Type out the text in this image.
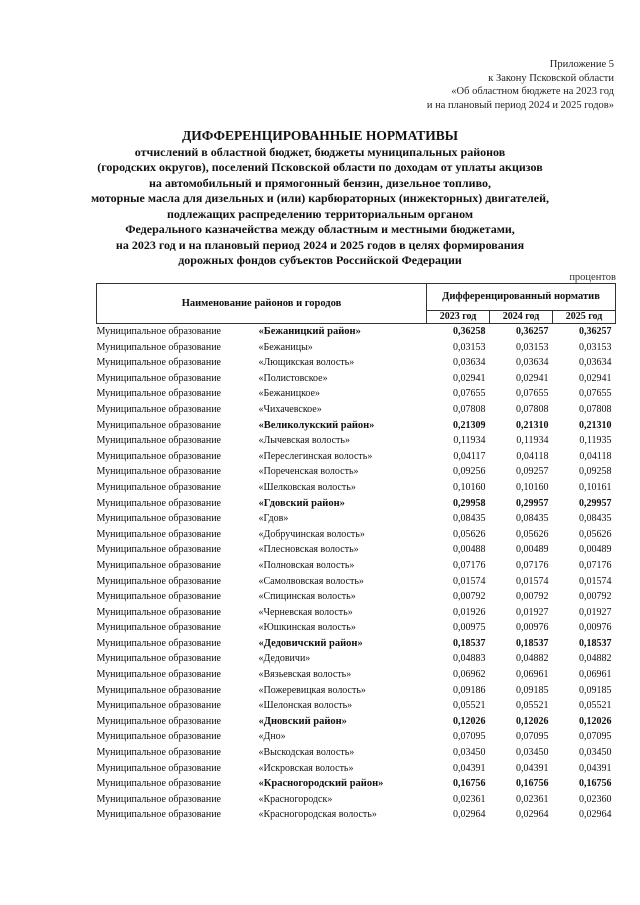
Приложение 5
к Закону Псковской области
«Об областном бюджете на 2023 год
и на плановый период 2024 и 2025 годов»
ДИФФЕРЕНЦИРОВАННЫЕ НОРМАТИВЫ
отчислений в областной бюджет, бюджеты муниципальных районов
(городских округов), поселений Псковской области по доходам от уплаты акцизов
на автомобильный и прямогонный бензин, дизельное топливо,
моторные масла для дизельных и (или) карбюраторных (инжекторных) двигателей,
подлежащих распределению территориальным органом
Федерального казначейства между областным и местными бюджетами,
на 2023 год и на плановый период 2024 и 2025 годов в целях формирования
дорожных фондов субъектов Российской Федерации
процентов
Наименование районов и городов	Дифференцированный норматив		
	2023 год	2024 год	2025 год
Муниципальное образование «Бежаницкий район»	0,36258	0,36257	0,36257
Муниципальное образование «Бежаницы»	0,03153	0,03153	0,03153
Муниципальное образование «Лющикская волость»	0,03634	0,03634	0,03634
Муниципальное образование «Полистовское»	0,02941	0,02941	0,02941
Муниципальное образование «Бежаницкое»	0,07655	0,07655	0,07655
Муниципальное образование «Чихачевское»	0,07808	0,07808	0,07808
Муниципальное образование «Великолукский район»	0,21309	0,21310	0,21310
Муниципальное образование «Лычевская волость»	0,11934	0,11934	0,11935
Муниципальное образование «Переслегинская волость»	0,04117	0,04118	0,04118
Муниципальное образование «Пореченская волость»	0,09256	0,09257	0,09258
Муниципальное образование «Шелковская волость»	0,10160	0,10160	0,10161
Муниципальное образование «Гдовский район»	0,29958	0,29957	0,29957
Муниципальное образование «Гдов»	0,08435	0,08435	0,08435
Муниципальное образование «Добручинская волость»	0,05626	0,05626	0,05626
Муниципальное образование «Плесновская волость»	0,00488	0,00489	0,00489
Муниципальное образование «Полновская волость»	0,07176	0,07176	0,07176
Муниципальное образование «Самолвовская волость»	0,01574	0,01574	0,01574
Муниципальное образование «Спицинская волость»	0,00792	0,00792	0,00792
Муниципальное образование «Черневская волость»	0,01926	0,01927	0,01927
Муниципальное образование «Юшкинская волость»	0,00975	0,00976	0,00976
Муниципальное образование «Дедовичский район»	0,18537	0,18537	0,18537
Муниципальное образование «Дедовичи»	0,04883	0,04882	0,04882
Муниципальное образование «Вязьевская волость»	0,06962	0,06961	0,06961
Муниципальное образование «Пожеревицкая волость»	0,09186	0,09185	0,09185
Муниципальное образование «Шелонская волость»	0,05521	0,05521	0,05521
Муниципальное образование «Дновский район»	0,12026	0,12026	0,12026
Муниципальное образование «Дно»	0,07095	0,07095	0,07095
Муниципальное образование «Выскодская волость»	0,03450	0,03450	0,03450
Муниципальное образование «Искровская волость»	0,04391	0,04391	0,04391
Муниципальное образование «Красногородский район»	0,16756	0,16756	0,16756
Муниципальное образование «Красногородск»	0,02361	0,02361	0,02360
Муниципальное образование «Красногородская волость»	0,02964	0,02964	0,02964
